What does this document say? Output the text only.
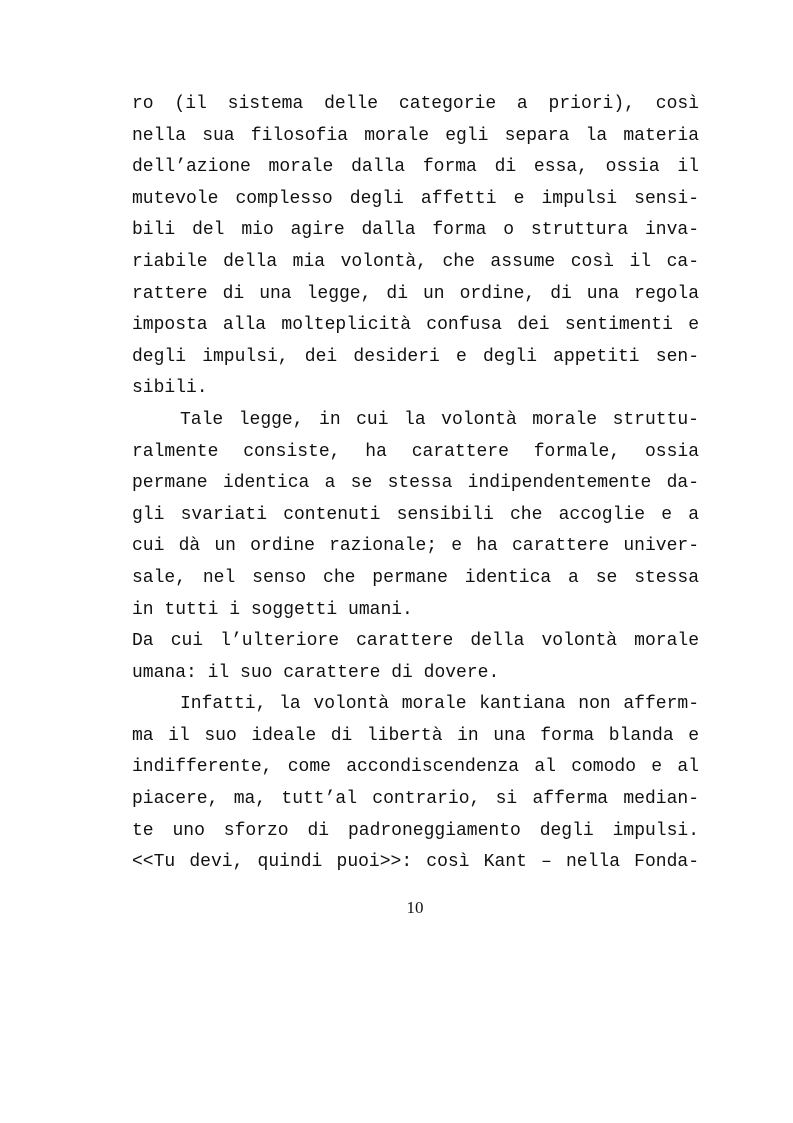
ro (il sistema delle categorie a priori), così
nella sua filosofia morale egli separa la materia
dell’azione morale dalla forma di essa, ossia il
mutevole complesso degli affetti e impulsi sensi-
bili del mio agire dalla forma o struttura inva-
riabile della mia volontà, che assume così il ca-
rattere di una legge, di un ordine, di una regola
imposta alla molteplicità confusa dei sentimenti e
degli impulsi, dei desideri e degli appetiti sen-
sibili.
Tale legge, in cui la volontà morale struttu-
ralmente consiste, ha carattere formale, ossia
permane identica a se stessa indipendentemente da-
gli svariati contenuti sensibili che accoglie e a
cui dà un ordine razionale; e ha carattere univer-
sale, nel senso che permane identica a se stessa
in tutti i soggetti umani.
Da cui l’ulteriore carattere della volontà morale
umana: il suo carattere di dovere.
Infatti, la volontà morale kantiana non afferm-
ma il suo ideale di libertà in una forma blanda e
indifferente, come accondiscendenza al comodo e al
piacere, ma, tutt’al contrario, si afferma median-
te uno sforzo di padroneggiamento degli impulsi.
<<Tu devi, quindi puoi>>: così Kant – nella Fonda-
10
